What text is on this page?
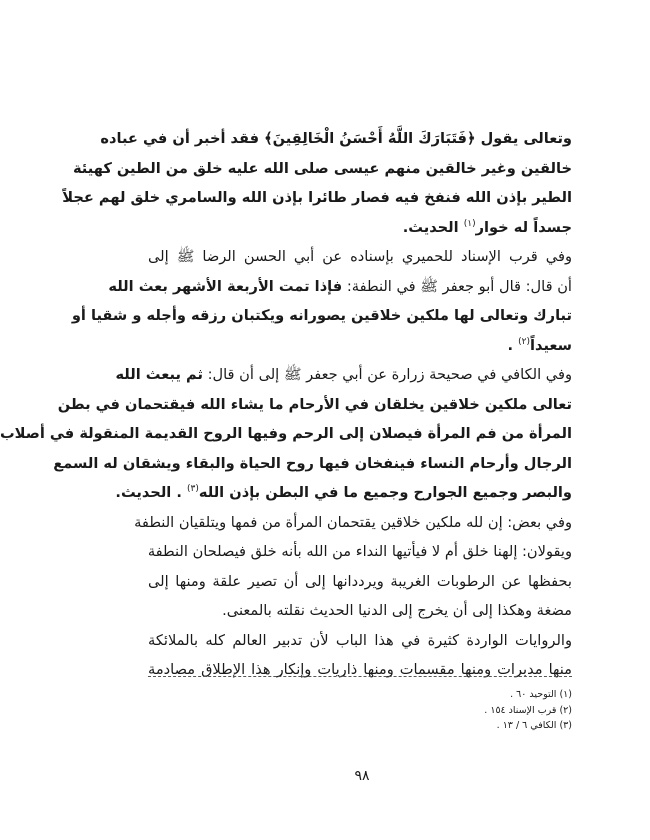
وتعالى يقول ﴿فَتَبَارَكَ اللَّهُ أَحْسَنُ الْخَالِقِينَ﴾ فقد أخبر أن في عباده
خالقين وغير خالقين منهم عيسى صلى الله عليه خلق من الطين كهيئة
الطير بإذن الله فنفخ فيه فصار طائرا بإذن الله والسامري خلق لهم عجلاً
جسداً له خوار$^{(١)}$ الحديث.
وفي قرب الإسناد للحميري بإسناده عن أبي الحسن الرضا ﷺ إلى
أن قال: قال أبو جعفر ﷺ في النطفة: فإذا تمت الأربعة الأشهر بعث الله
تبارك وتعالى لها ملكين خلاقين يصورانه ويكتبان رزقه وأجله و شقيا أو
سعيداً$^{(٢)}$ .
وفي الكافي في صحيحة زرارة عن أبي جعفر ﷺ إلى أن قال: ثم يبعث الله
تعالى ملكين خلاقين يخلقان في الأرحام ما يشاء الله فيقتحمان في بطن
المرأة من فم المرأة فيصلان إلى الرحم وفيها الروح القديمة المنقولة في أصلاب
الرجال وأرحام النساء فينفخان فيها روح الحياة والبقاء ويشقان له السمع
والبصر وجميع الجوارح وجميع ما في البطن بإذن الله$^{(٣)}$ . الحديث.
وفي بعض: إن لله ملكين خلاقين يقتحمان المرأة من فمها ويتلقيان النطفة
ويقولان: إلهنا خلق أم لا فيأتيها النداء من الله بأنه خلق فيصلحان النطفة
بحفظها عن الرطوبات الغريبة ويرددانها إلى أن تصير علقة ومنها إلى
مضغة وهكذا إلى أن يخرج إلى الدنيا الحديث نقلته بالمعنى.
والروايات الواردة كثيرة في هذا الباب لأن تدبير العالم كله بالملائكة
منها مدبرات ومنها مقسمات ومنها ذاريات وإنكار هذا الإطلاق مصادمة
(١) التوحيد ٦٠ .
(٢) قرب الإسناد ١٥٤ .
(٣) الكافي ٦ / ١٣ .
٩٨
